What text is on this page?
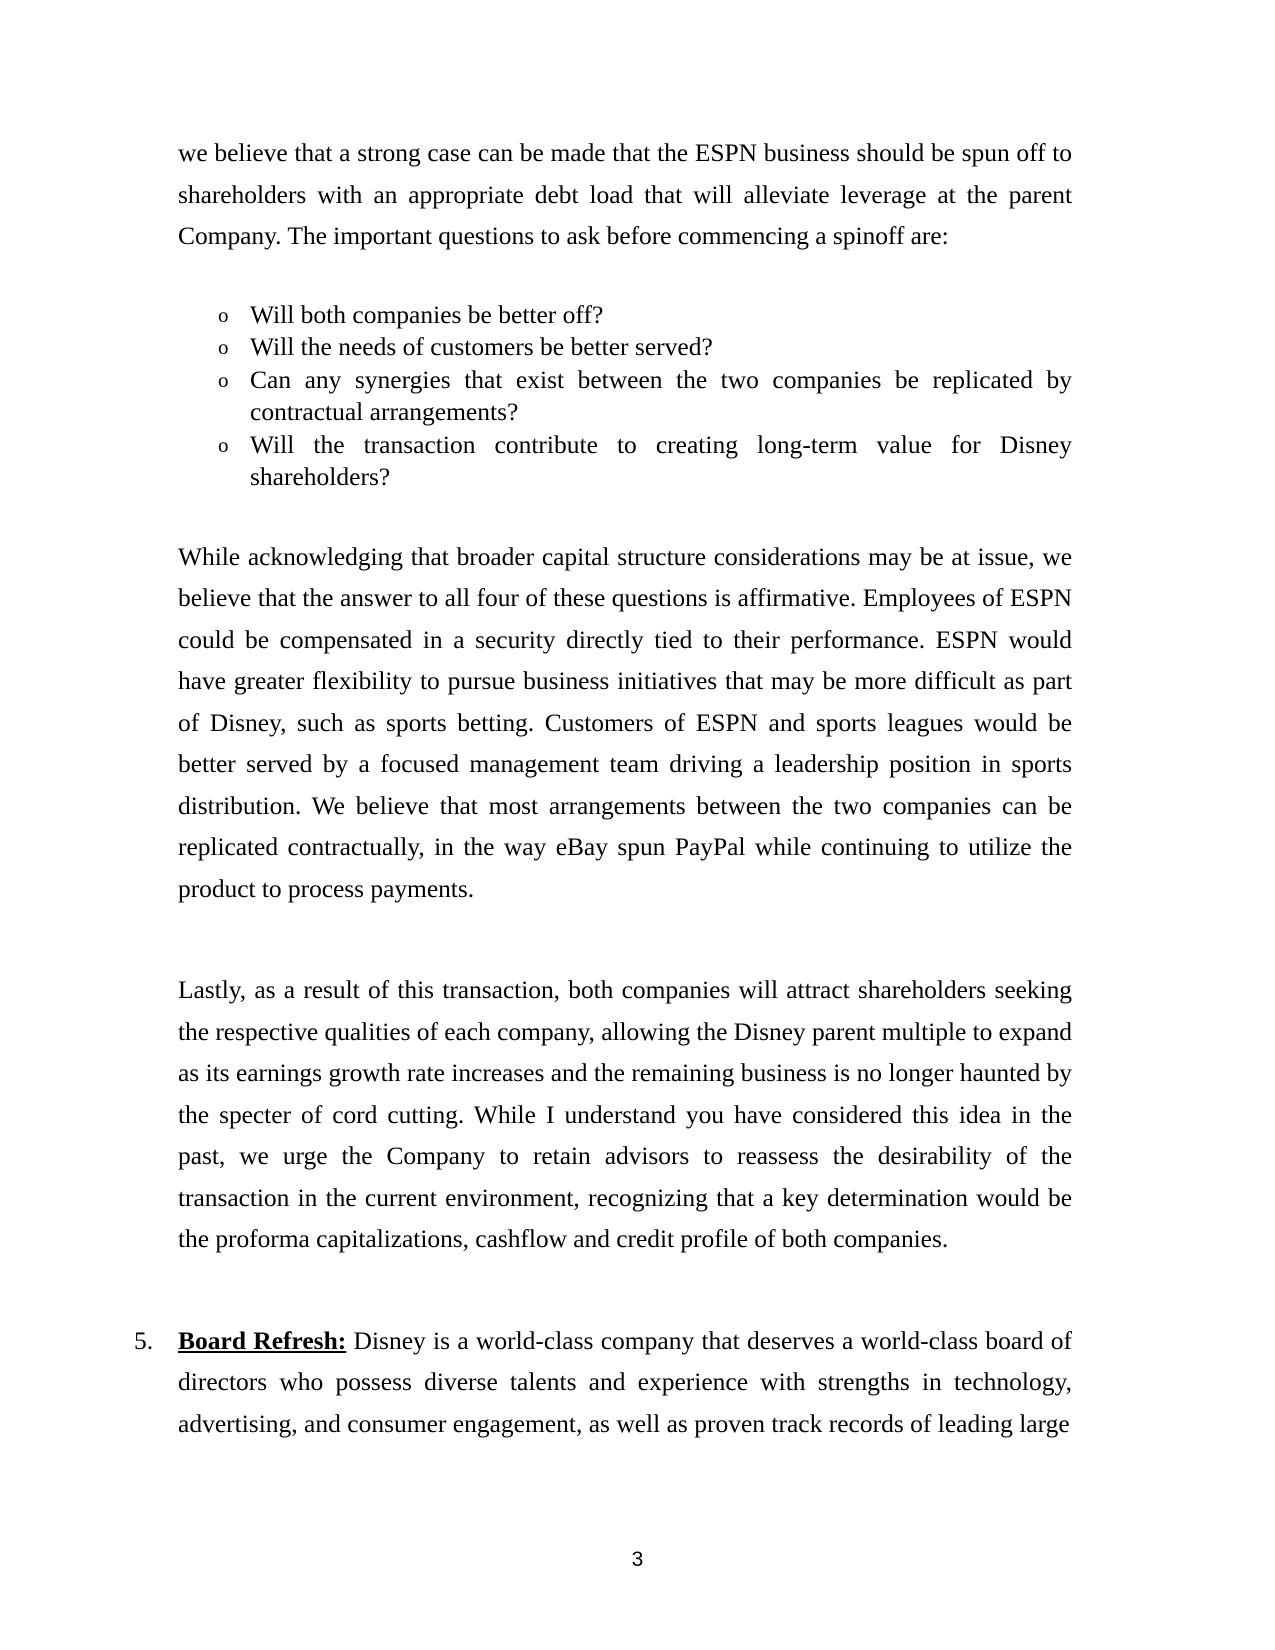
we believe that a strong case can be made that the ESPN business should be spun off to shareholders with an appropriate debt load that will alleviate leverage at the parent Company. The important questions to ask before commencing a spinoff are:

o Will both companies be better off?
o Will the needs of customers be better served?
o Can any synergies that exist between the two companies be replicated by contractual arrangements?
o Will the transaction contribute to creating long-term value for Disney shareholders?

While acknowledging that broader capital structure considerations may be at issue, we believe that the answer to all four of these questions is affirmative. Employees of ESPN could be compensated in a security directly tied to their performance. ESPN would have greater flexibility to pursue business initiatives that may be more difficult as part of Disney, such as sports betting. Customers of ESPN and sports leagues would be better served by a focused management team driving a leadership position in sports distribution. We believe that most arrangements between the two companies can be replicated contractually, in the way eBay spun PayPal while continuing to utilize the product to process payments.

Lastly, as a result of this transaction, both companies will attract shareholders seeking the respective qualities of each company, allowing the Disney parent multiple to expand as its earnings growth rate increases and the remaining business is no longer haunted by the specter of cord cutting. While I understand you have considered this idea in the past, we urge the Company to retain advisors to reassess the desirability of the transaction in the current environment, recognizing that a key determination would be the proforma capitalizations, cashflow and credit profile of both companies.

5. Board Refresh: Disney is a world-class company that deserves a world-class board of directors who possess diverse talents and experience with strengths in technology, advertising, and consumer engagement, as well as proven track records of leading large

3
